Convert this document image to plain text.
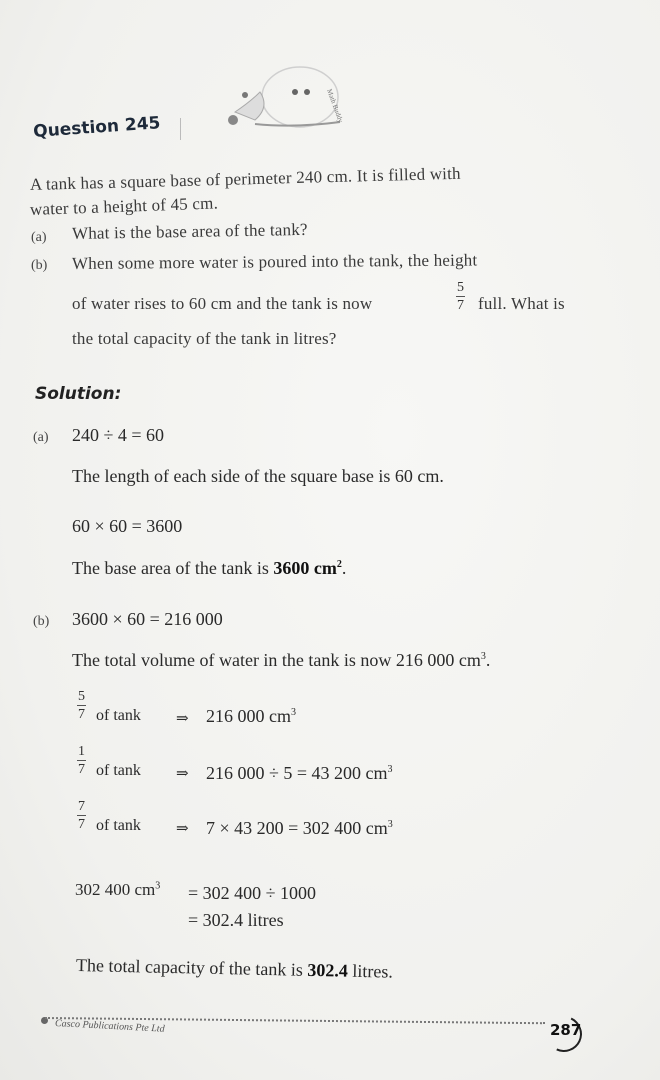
Math Buddy
Question 245
A tank has a square base of perimeter 240 cm. It is filled with
water to a height of 45 cm.
(a) What is the base area of the tank?
(b) When some more water is poured into the tank, the height
of water rises to 60 cm and the tank is now
5
7 full. What is
the total capacity of the tank in litres?
Solution:
(a) 240 ÷ 4 = 60
The length of each side of the square base is 60 cm.
60 × 60 = 3600
The base area of the tank is 3600 $cm^2$.
(b) 3600 × 60 = 216 000
The total volume of water in the tank is now 216 000 $cm^3$.
5
7 of tank ⇒ 216 000 $cm^3$
1
7 of tank ⇒ 216 000 ÷ 5 = 43 200 $cm^3$
7
7 of tank ⇒ 7 × 43 200 = 302 400 $cm^3$
302 400 $cm^3 = 302$ 400 ÷ 1000
= 302.4 litres
The total capacity of the tank is 302.4 litres.
Casco Publications Pte Ltd	287
